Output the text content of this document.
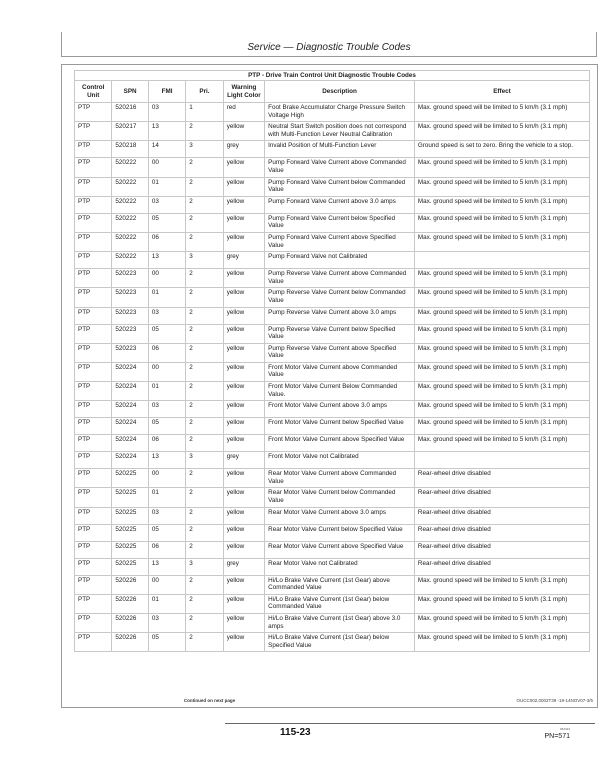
Service — Diagnostic Trouble Codes
PTP - Drive Train Control Unit Diagnostic Trouble Codes						
Control Unit	SPN	FMI	Pri.	Warning Light Color	Description	Effect
PTP	520216	03	1	red	Foot Brake Accumulator Charge Pressure Switch Voltage High	Max. ground speed will be limited to 5 km/h (3.1 mph)
PTP	520217	13	2	yellow	Neutral Start Switch position does not correspond with Multi-Function Lever Neutral Calibration	Max. ground speed will be limited to 5 km/h (3.1 mph)
PTP	520218	14	3	grey	Invalid Position of Multi-Function Lever	Ground speed is set to zero. Bring the vehicle to a stop.
PTP	520222	00	2	yellow	Pump Forward Valve Current above Commanded Value	Max. ground speed will be limited to 5 km/h (3.1 mph)
PTP	520222	01	2	yellow	Pump Forward Valve Current below Commanded Value	Max. ground speed will be limited to 5 km/h (3.1 mph)
PTP	520222	03	2	yellow	Pump Forward Valve Current above 3.0 amps	Max. ground speed will be limited to 5 km/h (3.1 mph)
PTP	520222	05	2	yellow	Pump Forward Valve Current below Specified Value	Max. ground speed will be limited to 5 km/h (3.1 mph)
PTP	520222	06	2	yellow	Pump Forward Valve Current above Specified Value	Max. ground speed will be limited to 5 km/h (3.1 mph)
PTP	520222	13	3	grey	Pump Forward Valve not Calibrated	
PTP	520223	00	2	yellow	Pump Reverse Valve Current above Commanded Value	Max. ground speed will be limited to 5 km/h (3.1 mph)
PTP	520223	01	2	yellow	Pump Reverse Valve Current below Commanded Value	Max. ground speed will be limited to 5 km/h (3.1 mph)
PTP	520223	03	2	yellow	Pump Reverse Valve Current above 3.0 amps	Max. ground speed will be limited to 5 km/h (3.1 mph)
PTP	520223	05	2	yellow	Pump Reverse Valve Current below Specified Value	Max. ground speed will be limited to 5 km/h (3.1 mph)
PTP	520223	06	2	yellow	Pump Reverse Valve Current above Specified Value	Max. ground speed will be limited to 5 km/h (3.1 mph)
PTP	520224	00	2	yellow	Front Motor Valve Current above Commanded Value	Max. ground speed will be limited to 5 km/h (3.1 mph)
PTP	520224	01	2	yellow	Front Motor Valve Current Below Commanded Value.	Max. ground speed will be limited to 5 km/h (3.1 mph)
PTP	520224	03	2	yellow	Front Motor Valve Current above 3.0 amps	Max. ground speed will be limited to 5 km/h (3.1 mph)
PTP	520224	05	2	yellow	Front Motor Valve Current below Specified Value	Max. ground speed will be limited to 5 km/h (3.1 mph)
PTP	520224	06	2	yellow	Front Motor Valve Current above Specified Value	Max. ground speed will be limited to 5 km/h (3.1 mph)
PTP	520224	13	3	grey	Front Motor Valve not Calibrated	
PTP	520225	00	2	yellow	Rear Motor Valve Current above Commanded Value	Rear-wheel drive disabled
PTP	520225	01	2	yellow	Rear Motor Valve Current below Commanded Value	Rear-wheel drive disabled
PTP	520225	03	2	yellow	Rear Motor Valve Current above 3.0 amps	Rear-wheel drive disabled
PTP	520225	05	2	yellow	Rear Motor Valve Current below Specified Value	Rear-wheel drive disabled
PTP	520225	06	2	yellow	Rear Motor Valve Current above Specified Value	Rear-wheel drive disabled
PTP	520225	13	3	grey	Rear Motor Valve not Calibrated	Rear-wheel drive disabled
PTP	520226	00	2	yellow	Hi/Lo Brake Valve Current (1st Gear) above Commanded Value	Max. ground speed will be limited to 5 km/h (3.1 mph)
PTP	520226	01	2	yellow	Hi/Lo Brake Valve Current (1st Gear) below Commanded Value	Max. ground speed will be limited to 5 km/h (3.1 mph)
PTP	520226	03	2	yellow	Hi/Lo Brake Valve Current (1st Gear) above 3.0 amps	Max. ground speed will be limited to 5 km/h (3.1 mph)
PTP	520226	05	2	yellow	Hi/Lo Brake Valve Current (1st Gear) below Specified Value	Max. ground speed will be limited to 5 km/h (3.1 mph)
Continued on next page	OUCC002,0002T39 -19-14NOV07-3/5
115-23	062413
PN=571
